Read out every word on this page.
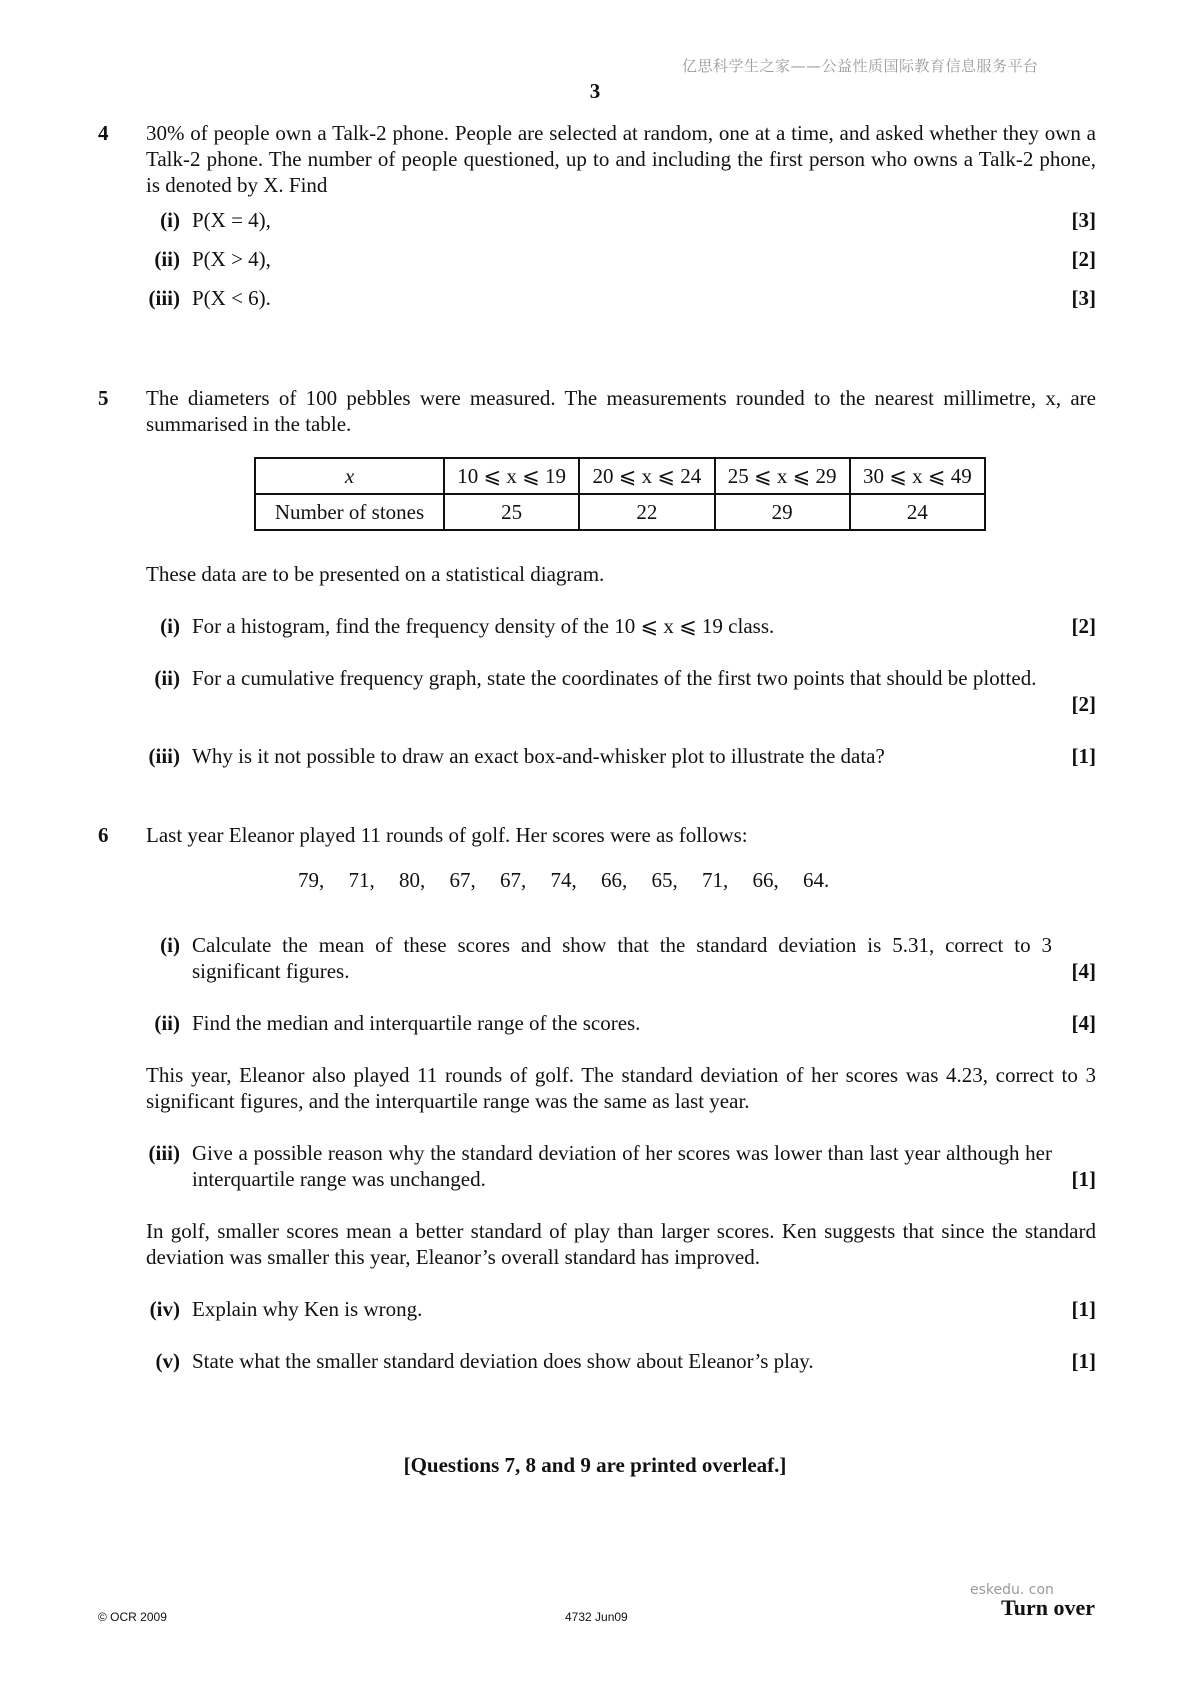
亿思科学生之家——公益性质国际教育信息服务平台
3
4 30% of people own a Talk-2 phone. People are selected at random, one at a time, and asked whether they own a Talk-2 phone. The number of people questioned, up to and including the first person who owns a Talk-2 phone, is denoted by X. Find
(i) P(X = 4),	[3]
(ii) P(X > 4),	[2]
(iii) P(X < 6).	[3]
5 The diameters of 100 pebbles were measured. The measurements rounded to the nearest millimetre, x, are summarised in the table.
x	10 ⩽ x ⩽ 19	20 ⩽ x ⩽ 24	25 ⩽ x ⩽ 29	30 ⩽ x ⩽ 49
Number of stones	25	22	29	24
These data are to be presented on a statistical diagram.
(i) For a histogram, find the frequency density of the 10 ⩽ x ⩽ 19 class.	[2]
(ii) For a cumulative frequency graph, state the coordinates of the first two points that should be plotted.
[2]
(iii) Why is it not possible to draw an exact box-and-whisker plot to illustrate the data?	[1]
6 Last year Eleanor played 11 rounds of golf. Her scores were as follows:
79, 71, 80, 67, 67, 74, 66, 65, 71, 66, 64.
(i) Calculate the mean of these scores and show that the standard deviation is 5.31, correct to 3 significant figures.	[4]
(ii) Find the median and interquartile range of the scores.	[4]
This year, Eleanor also played 11 rounds of golf. The standard deviation of her scores was 4.23, correct to 3 significant figures, and the interquartile range was the same as last year.
(iii) Give a possible reason why the standard deviation of her scores was lower than last year although her interquartile range was unchanged.	[1]
In golf, smaller scores mean a better standard of play than larger scores. Ken suggests that since the standard deviation was smaller this year, Eleanor’s overall standard has improved.
(iv) Explain why Ken is wrong.	[1]
(v) State what the smaller standard deviation does show about Eleanor’s play.	[1]
[Questions 7, 8 and 9 are printed overleaf.]
eskedu. con
© OCR 2009	4732 Jun09	Turn over
